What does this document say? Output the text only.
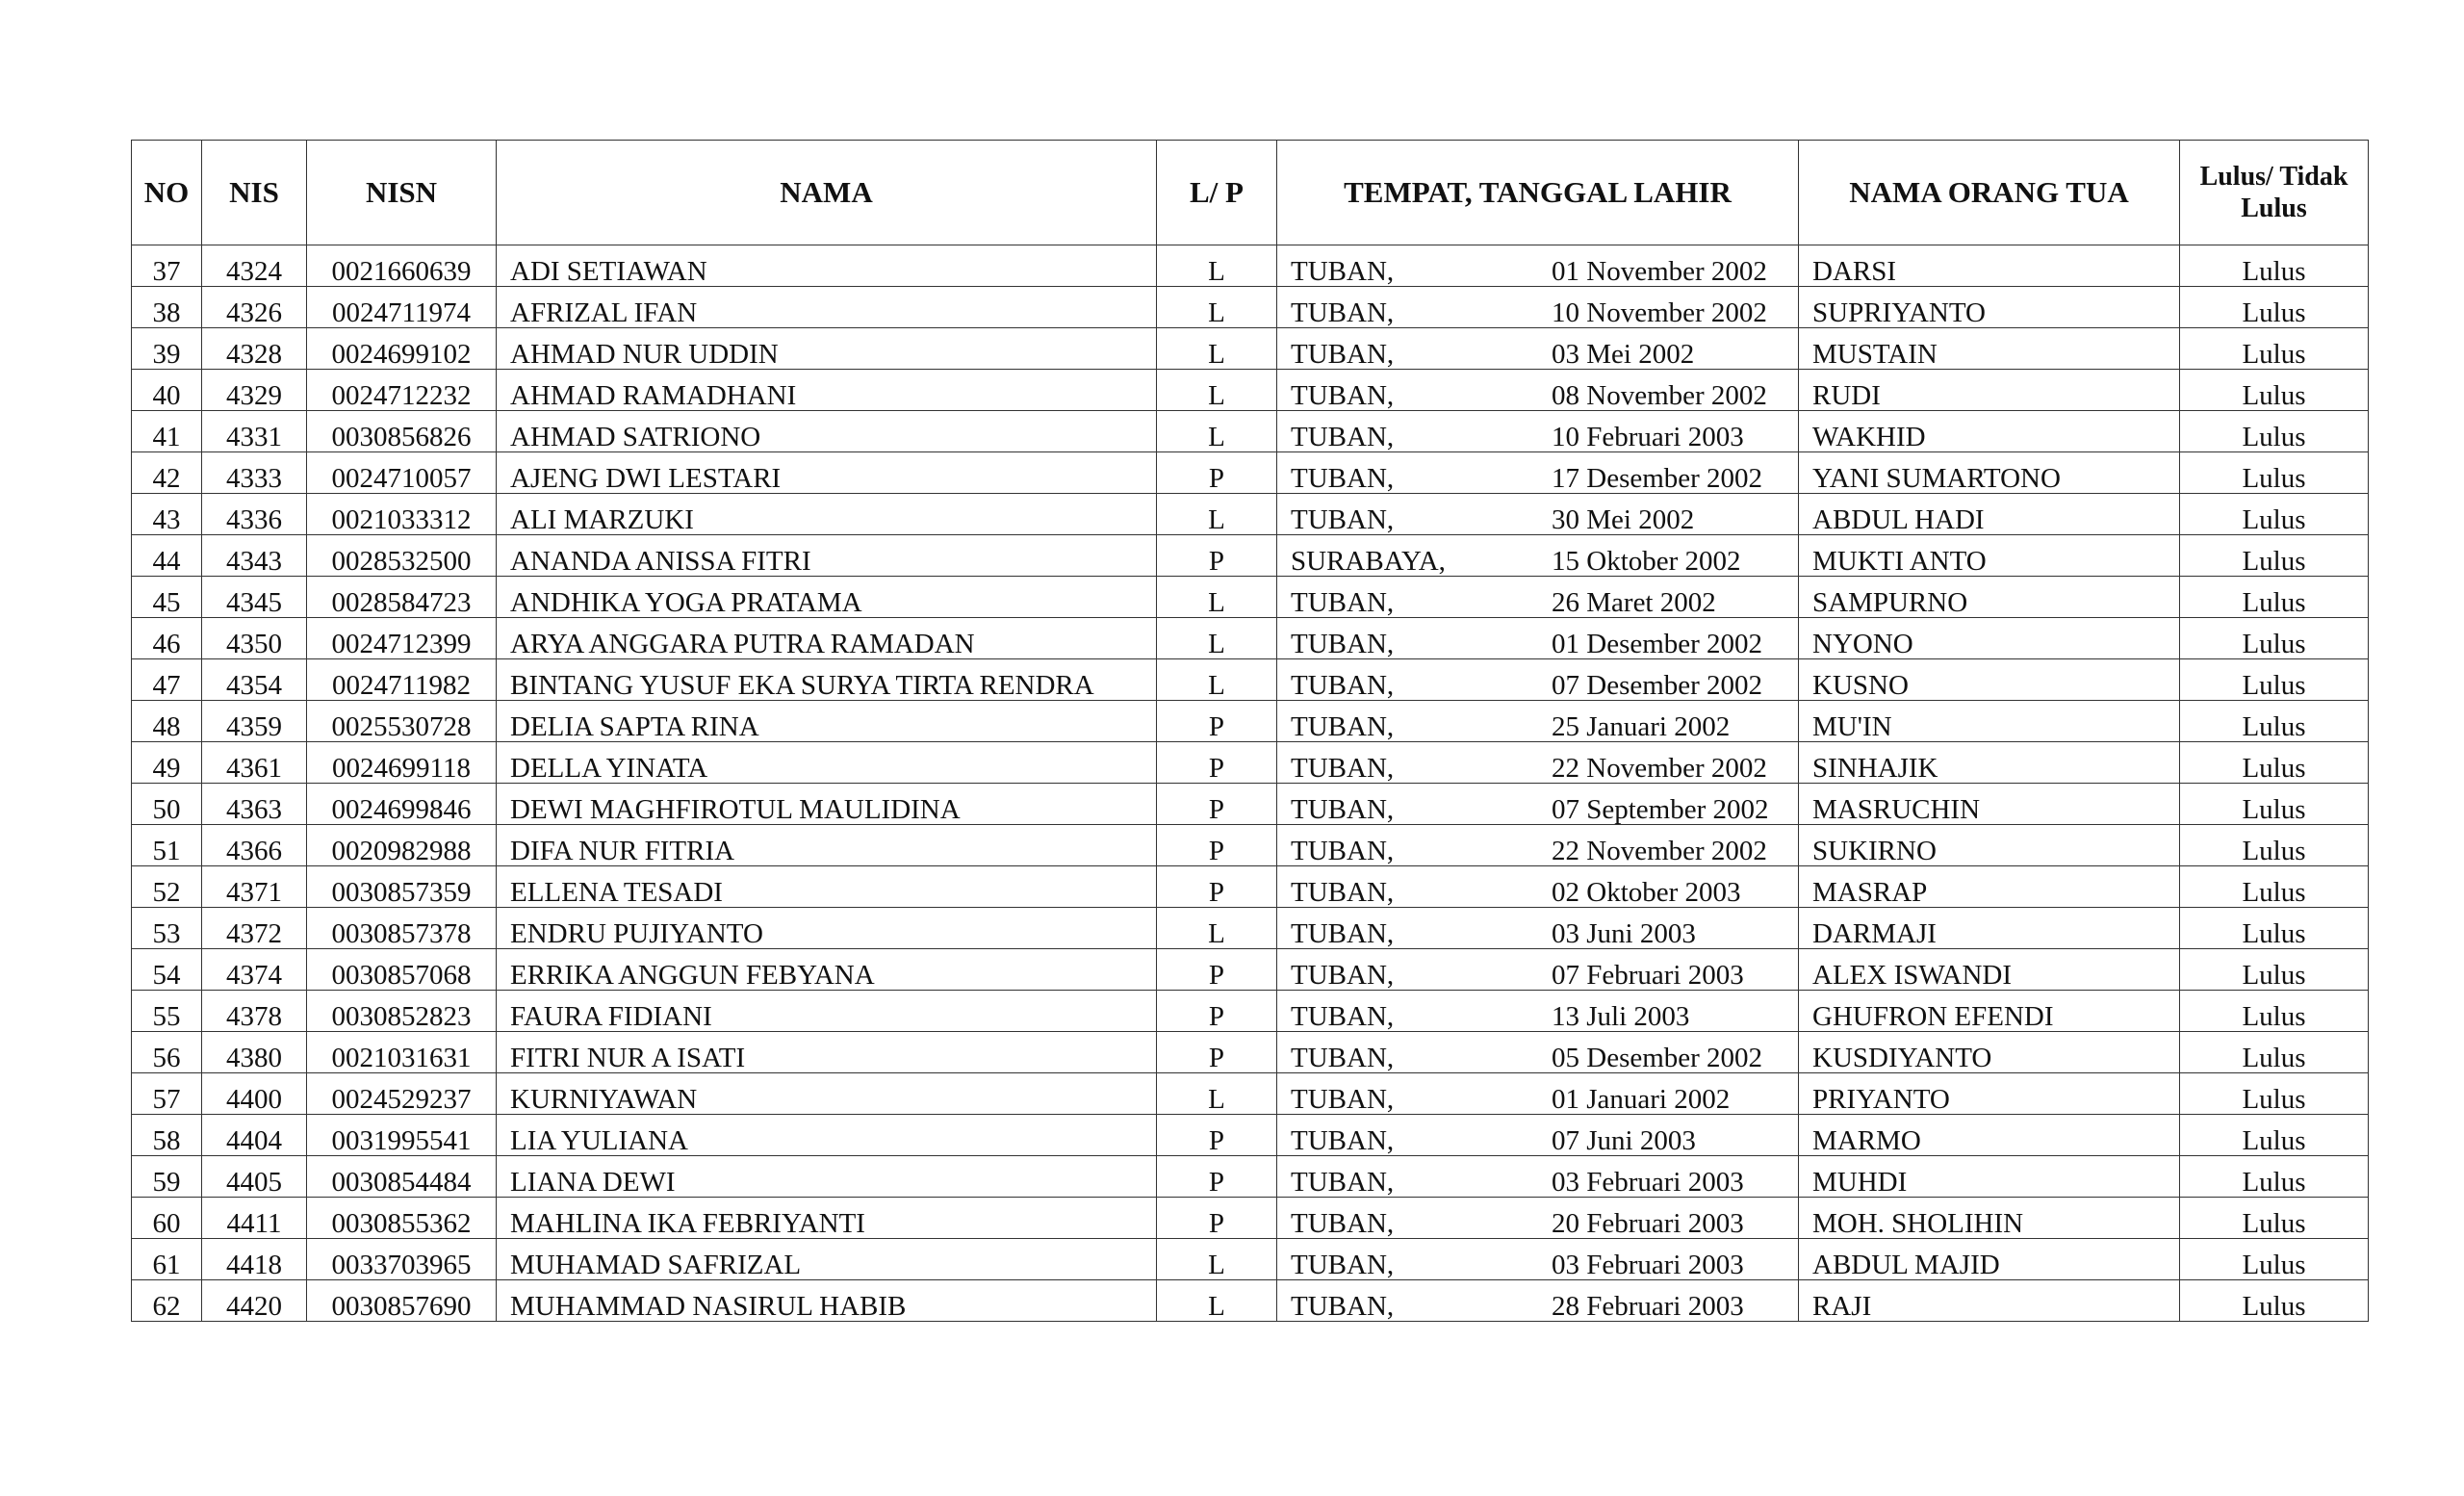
NO	NIS	NISN	NAMA	L/ P	TEMPAT, TANGGAL LAHIR	NAMA ORANG TUA	Lulus/ Tidak Lulus
37	4324	0021660639	ADI SETIAWAN	L	TUBAN, 01 November 2002	DARSI	Lulus
38	4326	0024711974	AFRIZAL IFAN	L	TUBAN, 10 November 2002	SUPRIYANTO	Lulus
39	4328	0024699102	AHMAD NUR UDDIN	L	TUBAN, 03 Mei 2002	MUSTAIN	Lulus
40	4329	0024712232	AHMAD RAMADHANI	L	TUBAN, 08 November 2002	RUDI	Lulus
41	4331	0030856826	AHMAD SATRIONO	L	TUBAN, 10 Februari 2003	WAKHID	Lulus
42	4333	0024710057	AJENG DWI LESTARI	P	TUBAN, 17 Desember 2002	YANI SUMARTONO	Lulus
43	4336	0021033312	ALI MARZUKI	L	TUBAN, 30 Mei 2002	ABDUL HADI	Lulus
44	4343	0028532500	ANANDA ANISSA FITRI	P	SURABAYA, 15 Oktober 2002	MUKTI ANTO	Lulus
45	4345	0028584723	ANDHIKA YOGA PRATAMA	L	TUBAN, 26 Maret 2002	SAMPURNO	Lulus
46	4350	0024712399	ARYA ANGGARA PUTRA RAMADAN	L	TUBAN, 01 Desember 2002	NYONO	Lulus
47	4354	0024711982	BINTANG YUSUF EKA SURYA TIRTA RENDRA	L	TUBAN, 07 Desember 2002	KUSNO	Lulus
48	4359	0025530728	DELIA SAPTA RINA	P	TUBAN, 25 Januari 2002	MU'IN	Lulus
49	4361	0024699118	DELLA YINATA	P	TUBAN, 22 November 2002	SINHAJIK	Lulus
50	4363	0024699846	DEWI MAGHFIROTUL MAULIDINA	P	TUBAN, 07 September 2002	MASRUCHIN	Lulus
51	4366	0020982988	DIFA NUR FITRIA	P	TUBAN, 22 November 2002	SUKIRNO	Lulus
52	4371	0030857359	ELLENA TESADI	P	TUBAN, 02 Oktober 2003	MASRAP	Lulus
53	4372	0030857378	ENDRU PUJIYANTO	L	TUBAN, 03 Juni 2003	DARMAJI	Lulus
54	4374	0030857068	ERRIKA ANGGUN FEBYANA	P	TUBAN, 07 Februari 2003	ALEX ISWANDI	Lulus
55	4378	0030852823	FAURA FIDIANI	P	TUBAN, 13 Juli 2003	GHUFRON EFENDI	Lulus
56	4380	0021031631	FITRI NUR A ISATI	P	TUBAN, 05 Desember 2002	KUSDIYANTO	Lulus
57	4400	0024529237	KURNIYAWAN	L	TUBAN, 01 Januari 2002	PRIYANTO	Lulus
58	4404	0031995541	LIA YULIANA	P	TUBAN, 07 Juni 2003	MARMO	Lulus
59	4405	0030854484	LIANA DEWI	P	TUBAN, 03 Februari 2003	MUHDI	Lulus
60	4411	0030855362	MAHLINA IKA FEBRIYANTI	P	TUBAN, 20 Februari 2003	MOH. SHOLIHIN	Lulus
61	4418	0033703965	MUHAMAD SAFRIZAL	L	TUBAN, 03 Februari 2003	ABDUL MAJID	Lulus
62	4420	0030857690	MUHAMMAD NASIRUL HABIB	L	TUBAN, 28 Februari 2003	RAJI	Lulus
